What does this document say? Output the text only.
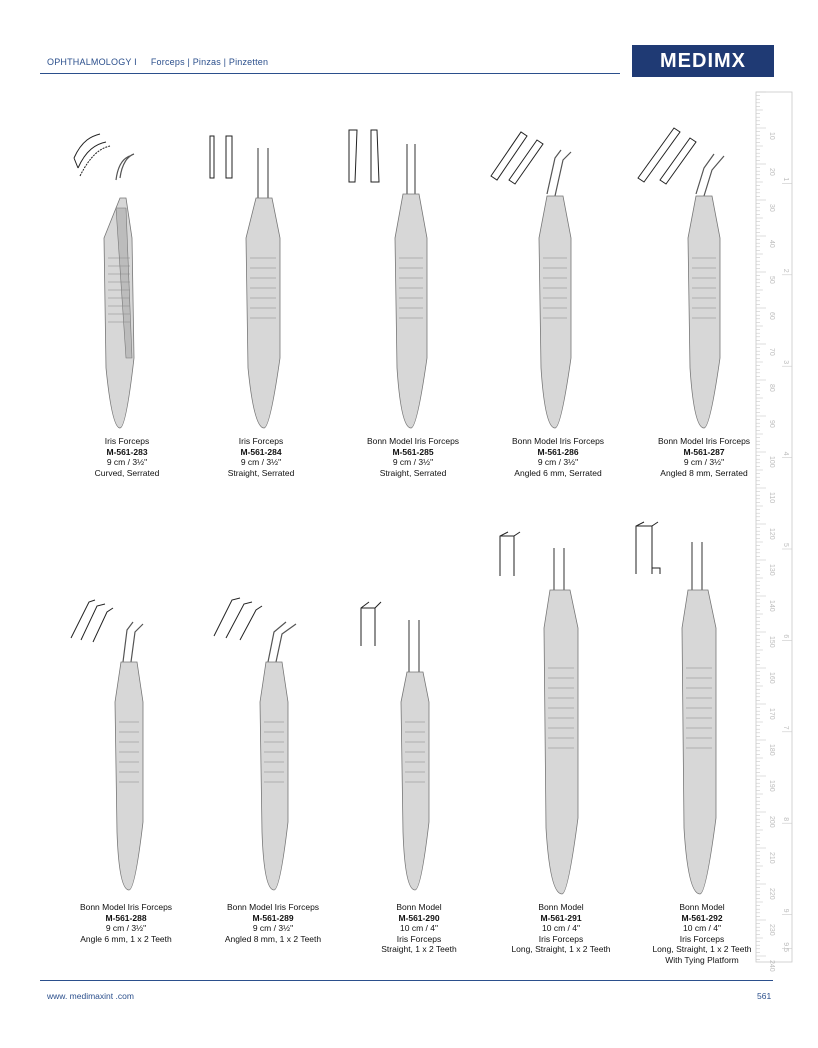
OPHTHALMOLOGY I Forceps | Pinzas | Pinzetten	MEDIMX
10
20
30
40
50
60
70
80
90
100
110
120
130
140
150
160
170
180
190
200
210
220
230
240
1
2
3
4
5
6
7
8
9
9.5
Iris Forceps
M-561-283
9 cm / 3½"
Curved, Serrated
Iris Forceps
M-561-284
9 cm / 3½"
Straight, Serrated
Bonn Model Iris Forceps
M-561-285
9 cm / 3½"
Straight, Serrated
Bonn Model Iris Forceps
M-561-286
9 cm / 3½"
Angled 6 mm, Serrated
Bonn Model Iris Forceps
M-561-287
9 cm / 3½"
Angled 8 mm, Serrated
Bonn Model Iris Forceps
M-561-288
9 cm / 3½"
Angle 6 mm, 1 x 2 Teeth
Bonn Model Iris Forceps
M-561-289
9 cm / 3½"
Angled 8 mm, 1 x 2 Teeth
Bonn Model
M-561-290
10 cm / 4"
Iris Forceps
Straight, 1 x 2 Teeth
Bonn Model
M-561-291
10 cm / 4"
Iris Forceps
Long, Straight, 1 x 2 Teeth
Bonn Model
M-561-292
10 cm / 4"
Iris Forceps
Long, Straight, 1 x 2 Teeth
With Tying Platform
www. medimaxint .com	561
